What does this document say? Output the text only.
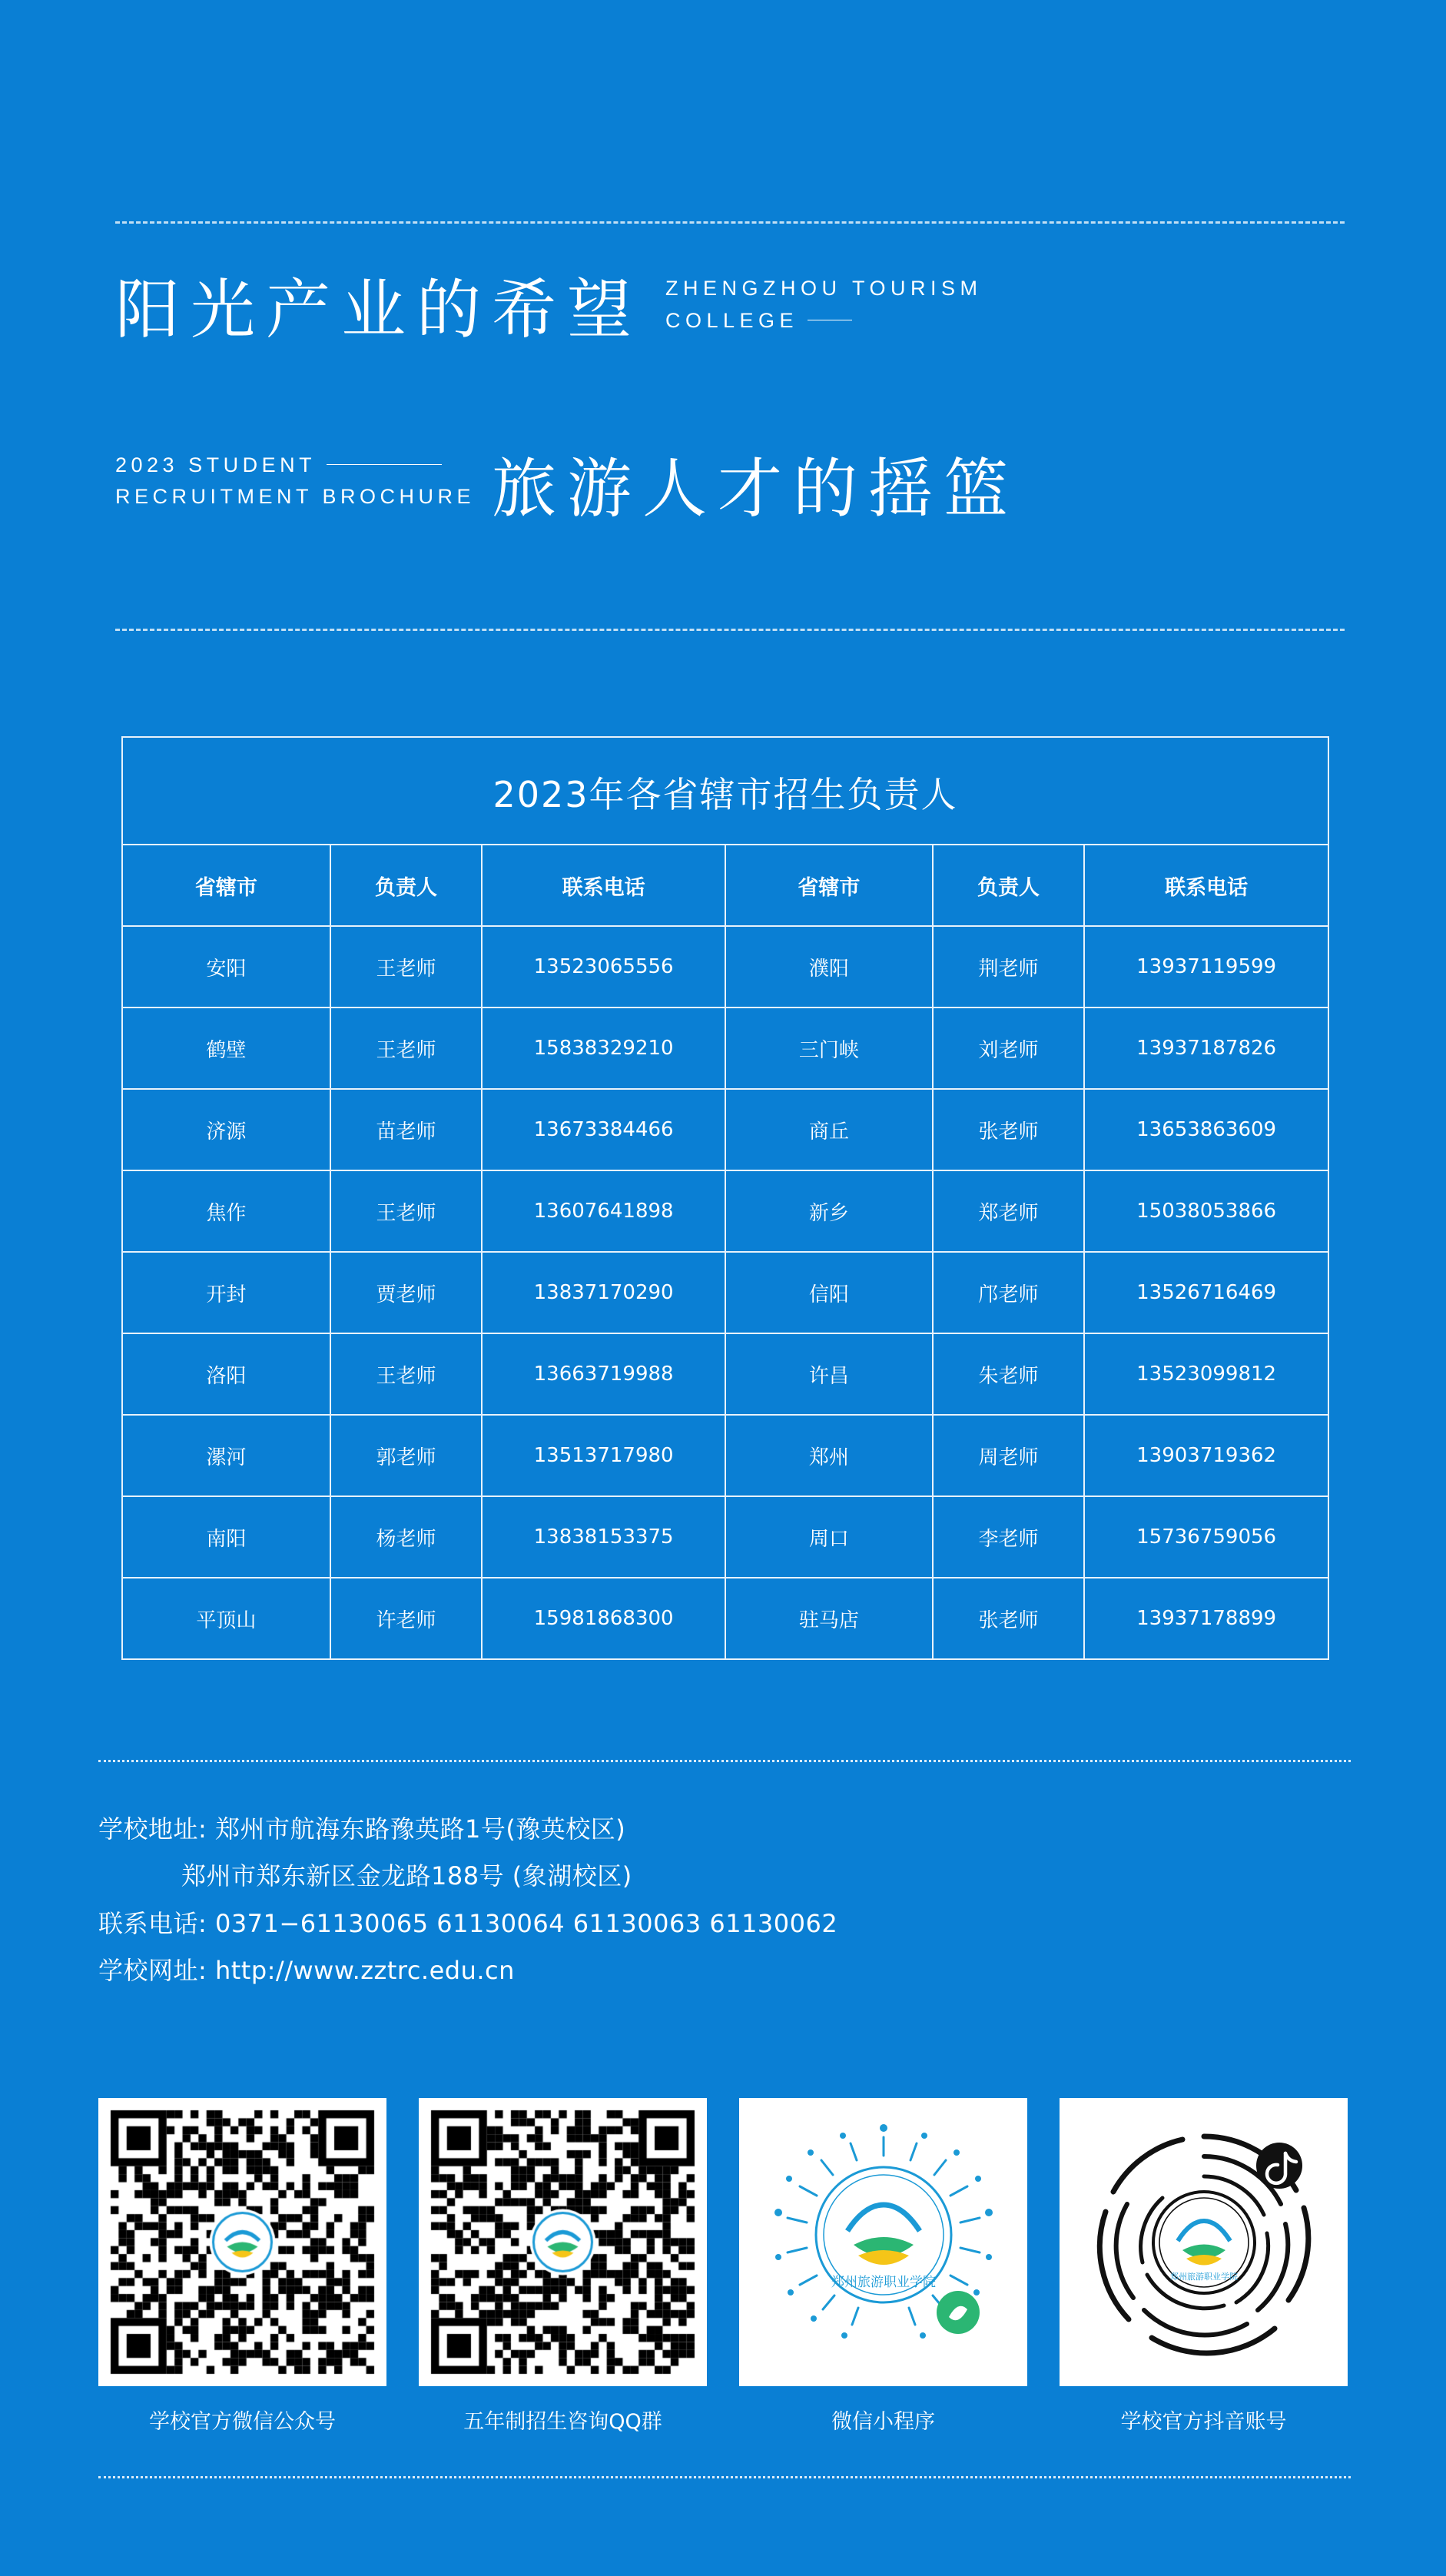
阳光产业的希望 ZHENGZHOU TOURISM
COLLEGE
2023 STUDENT
RECRUITMENT BROCHURE 旅游人才的摇篮
2023年各省辖市招生负责人
省辖市	负责人	联系电话	省辖市	负责人	联系电话
安阳	王老师	13523065556	濮阳	荆老师	13937119599
鹤壁	王老师	15838329210	三门峡	刘老师	13937187826
济源	苗老师	13673384466	商丘	张老师	13653863609
焦作	王老师	13607641898	新乡	郑老师	15038053866
开封	贾老师	13837170290	信阳	邝老师	13526716469
洛阳	王老师	13663719988	许昌	朱老师	13523099812
漯河	郭老师	13513717980	郑州	周老师	13903719362
南阳	杨老师	13838153375	周口	李老师	15736759056
平顶山	许老师	15981868300	驻马店	张老师	13937178899
学校地址: 郑州市航海东路豫英路1号(豫英校区)
郑州市郑东新区金龙路188号 (象湖校区)
联系电话: 0371−61130065 61130064 61130063 61130062
学校网址: http://www.zztrc.edu.cn
学校官方微信公众号	五年制招生咨询QQ群
郑州旅游职业学院
微信小程序
郑州旅游职业学院
学校官方抖音账号
